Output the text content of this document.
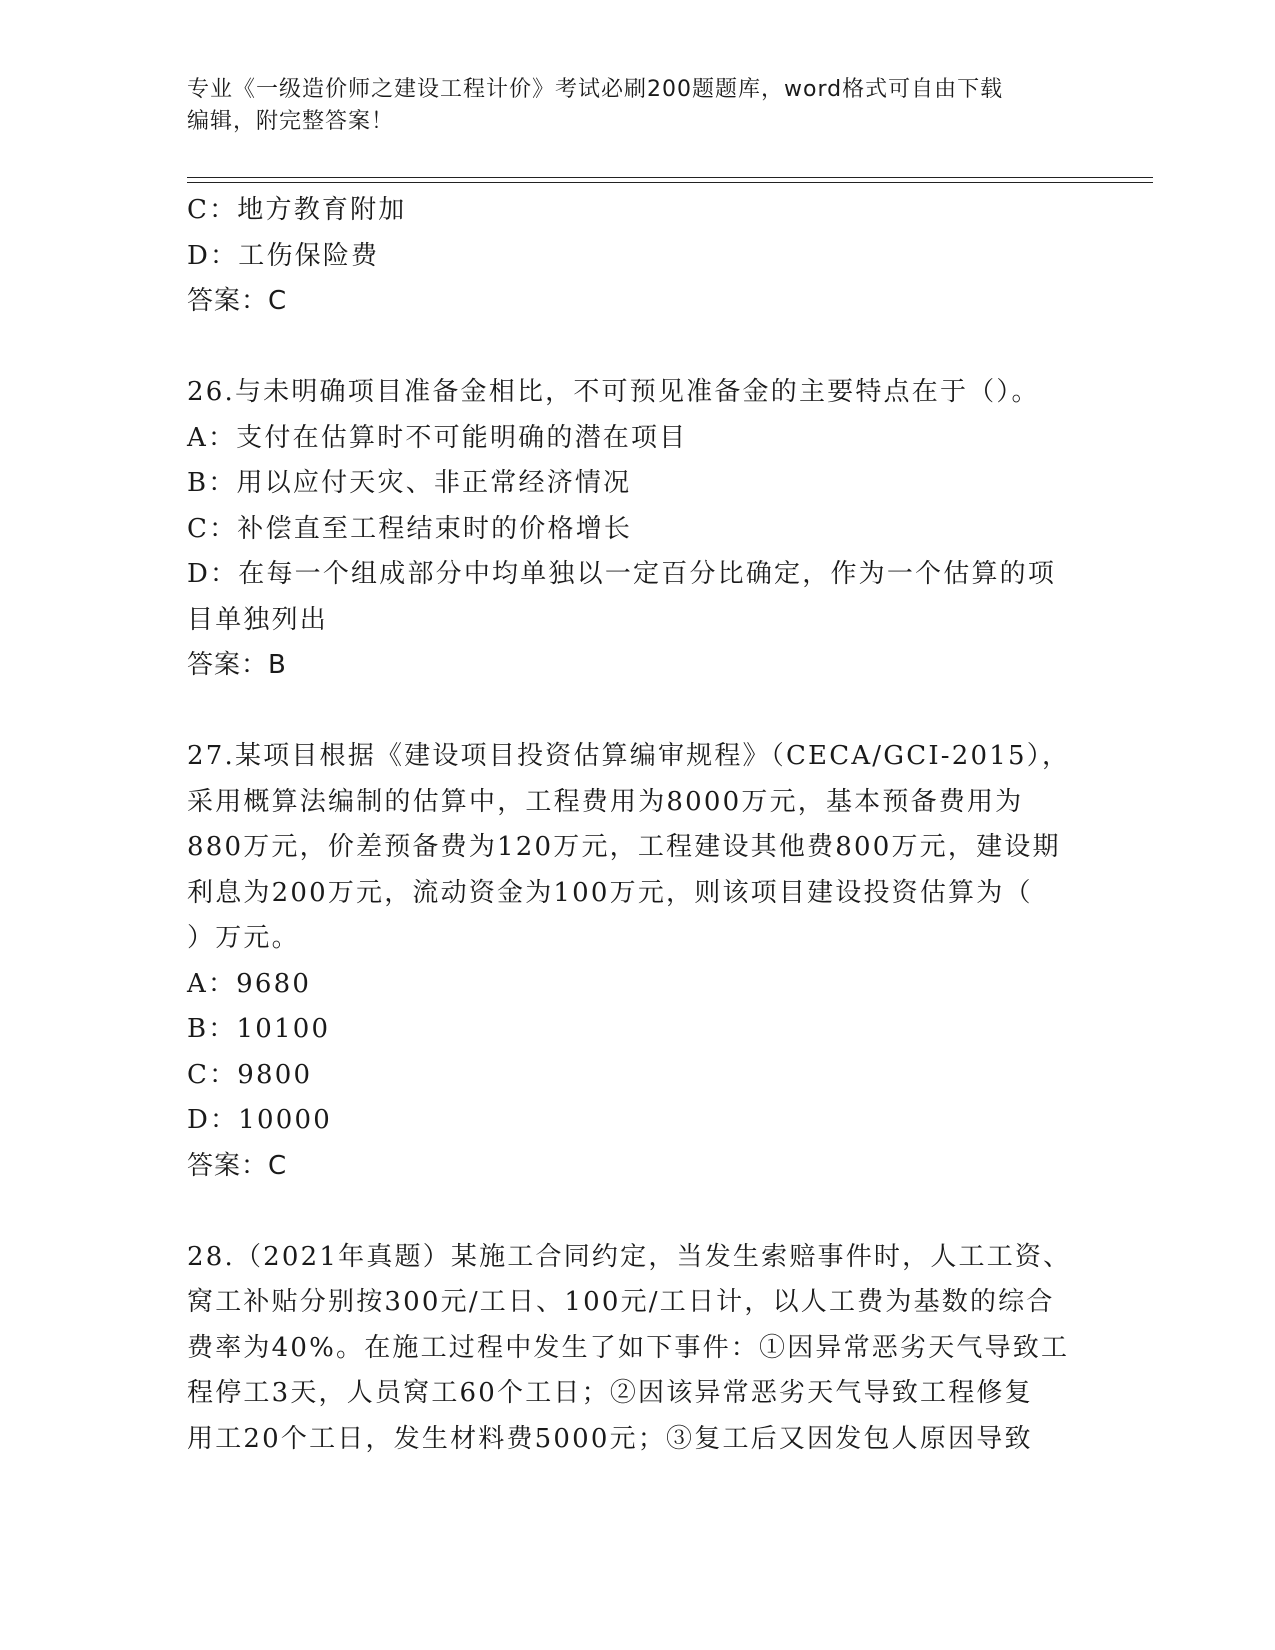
专业《一级造价师之建设工程计价》考试必刷200题题库，word格式可自由下载
编辑，附完整答案！
C：地方教育附加
D：工伤保险费
答案：C
26.与未明确项目准备金相比，不可预见准备金的主要特点在于（）。
A：支付在估算时不可能明确的潜在项目
B：用以应付天灾、非正常经济情况
C：补偿直至工程结束时的价格增长
D：在每一个组成部分中均单独以一定百分比确定，作为一个估算的项
目单独列出
答案：B
27.某项目根据《建设项目投资估算编审规程》（CECA/GCI-2015），
采用概算法编制的估算中，工程费用为8000万元，基本预备费用为
880万元，价差预备费为120万元，工程建设其他费800万元，建设期
利息为200万元，流动资金为100万元，则该项目建设投资估算为（
）万元。
A：9680
B：10100
C：9800
D：10000
答案：C
28.（2021年真题）某施工合同约定，当发生索赔事件时，人工工资、
窝工补贴分别按300元/工日、100元/工日计，以人工费为基数的综合
费率为40%。在施工过程中发生了如下事件：①因异常恶劣天气导致工
程停工3天，人员窝工60个工日；②因该异常恶劣天气导致工程修复
用工20个工日，发生材料费5000元；③复工后又因发包人原因导致
